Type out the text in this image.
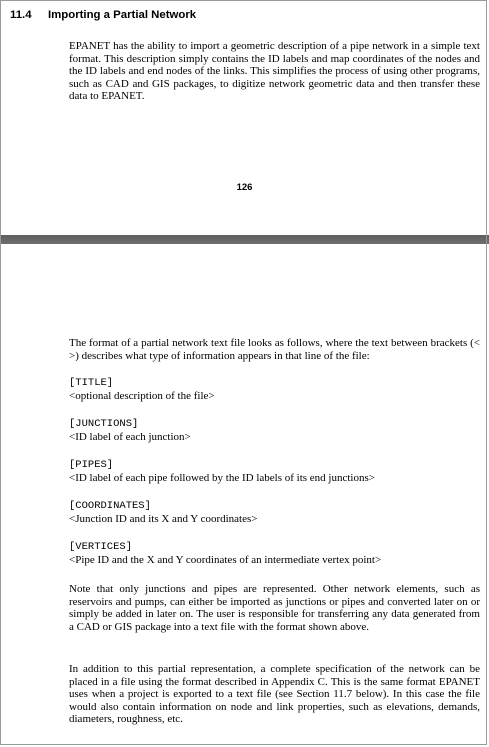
11.4 Importing a Partial Network

EPANET has the ability to import a geometric description of a pipe network in a simple text format. This description simply contains the ID labels and map coordinates of the nodes and the ID labels and end nodes of the links. This simplifies the process of using other programs, such as CAD and GIS packages, to digitize network geometric data and then transfer these data to EPANET.

126

The format of a partial network text file looks as follows, where the text between brackets (< >) describes what type of information appears in that line of the file:

[TITLE]
<optional description of the file>
[JUNCTIONS]
<ID label of each junction>
[PIPES]
<ID label of each pipe followed by the ID labels of its end junctions>
[COORDINATES]
<Junction ID and its X and Y coordinates>
[VERTICES]
<Pipe ID and the X and Y coordinates of an intermediate vertex point>

Note that only junctions and pipes are represented. Other network elements, such as reservoirs and pumps, can either be imported as junctions or pipes and converted later on or simply be added in later on. The user is responsible for transferring any data generated from a CAD or GIS package into a text file with the format shown above.

In addition to this partial representation, a complete specification of the network can be placed in a file using the format described in Appendix C. This is the same format EPANET uses when a project is exported to a text file (see Section 11.7 below). In this case the file would also contain information on node and link properties, such as elevations, demands, diameters, roughness, etc.
